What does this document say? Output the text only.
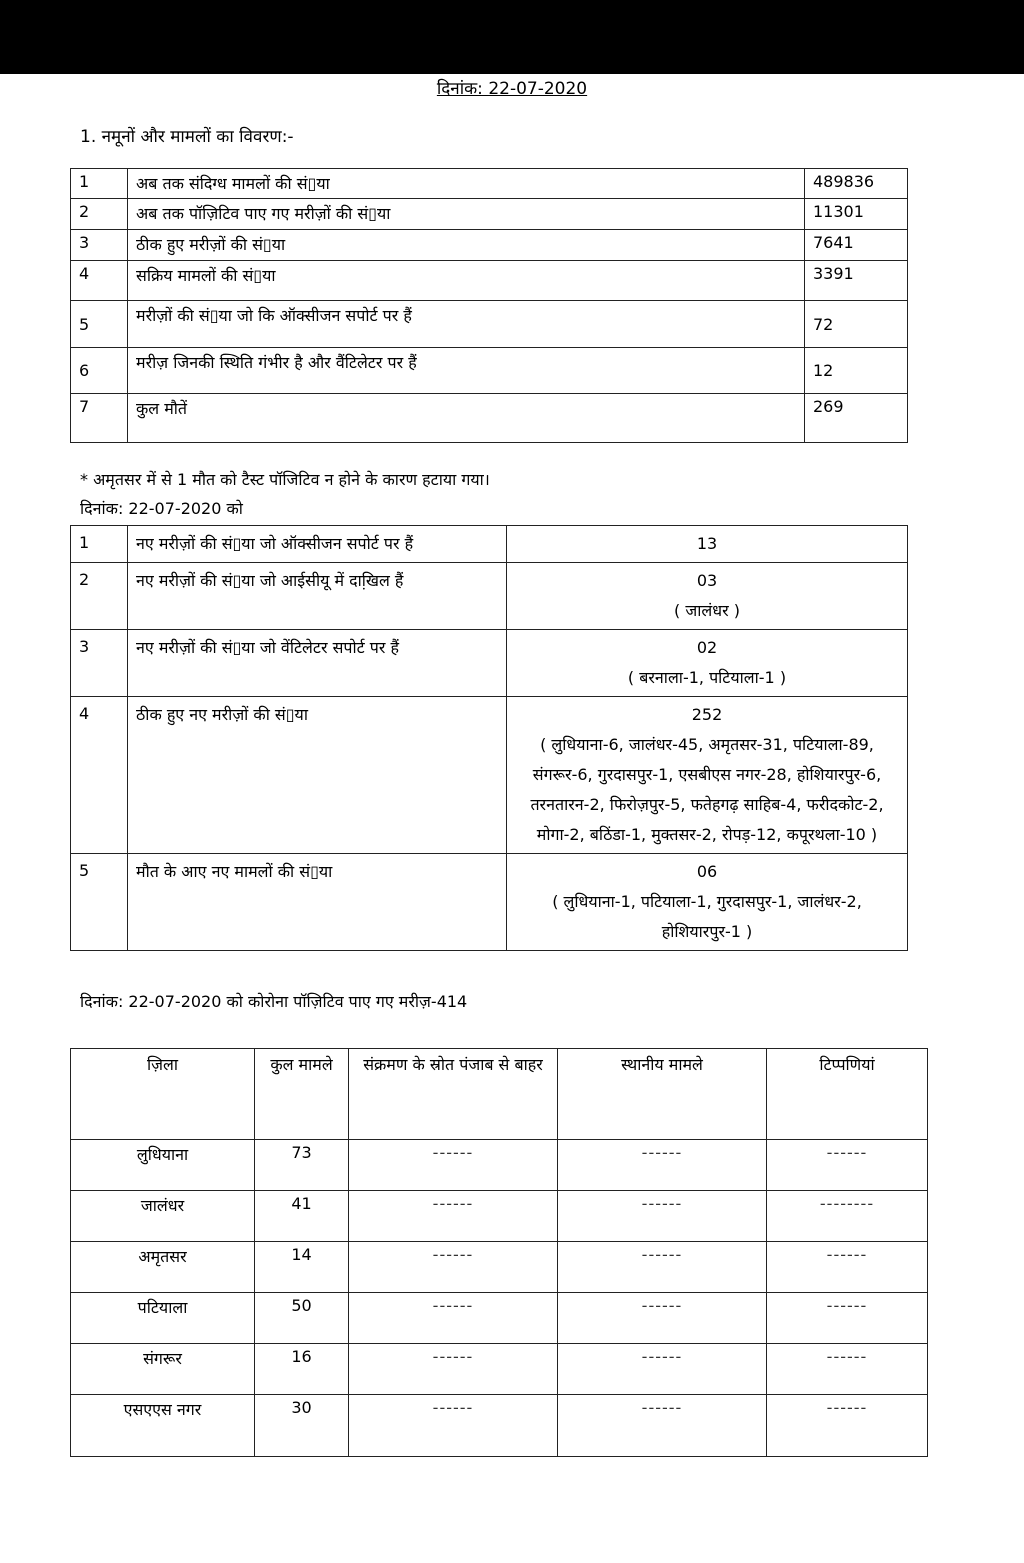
दिनांक: 22-07-2020
1. नमूनों और मामलों का विवरण:-
1	अब तक संदिग्ध मामलों की सं▯या	489836
2	अब तक पॉज़िटिव पाए गए मरीज़ों की सं▯या	11301
3	ठीक हुए मरीज़ों की सं▯या	7641
4	सक्रिय मामलों की सं▯या	3391
5	मरीज़ों की सं▯या जो कि ऑक्सीजन सपोर्ट पर हैं	72
6	मरीज़ जिनकी स्थिति गंभीर है और वैंटिलेटर पर हैं	12
7	कुल मौतें	269
* अमृतसर में से 1 मौत को टैस्ट पॉजिटिव न होने के कारण हटाया गया।
दिनांक: 22-07-2020 को
1	नए मरीज़ों की सं▯या जो ऑक्सीजन सपोर्ट पर हैं	13

2	नए मरीज़ों की सं▯या जो आईसीयू में दाखि़ल हैं	03
( जालंधर )

3	नए मरीज़ों की सं▯या जो वेंटिलेटर सपोर्ट पर हैं	02
( बरनाला-1, पटियाला-1 )

4	ठीक हुए नए मरीज़ों की सं▯या	252
( लुधियाना-6, जालंधर-45, अमृतसर-31, पटियाला-89, संगरूर-6, गुरदासपुर-1, एसबीएस नगर-28, होशियारपुर-6, तरनतारन-2, फिरोज़पुर-5, फतेहगढ़ साहिब-4, फरीदकोट-2, मोगा-2, बठिंडा-1, मुक्तसर-2, रोपड़-12, कपूरथला-10 )

5	मौत के आए नए मामलों की सं▯या	06
( लुधियाना-1, पटियाला-1, गुरदासपुर-1, जालंधर-2, होशियारपुर-1 )
दिनांक: 22-07-2020 को कोरोना पॉज़िटिव पाए गए मरीज़-414
ज़िला	कुल मामले	संक्रमण के स्रोत पंजाब से बाहर	स्थानीय मामले	टिप्पणियां
लुधियाना	73	------	------	------
जालंधर	41	------	------	--------
अमृतसर	14	------	------	------
पटियाला	50	------	------	------
संगरूर	16	------	------	------
एसएएस नगर	30	------	------	------
